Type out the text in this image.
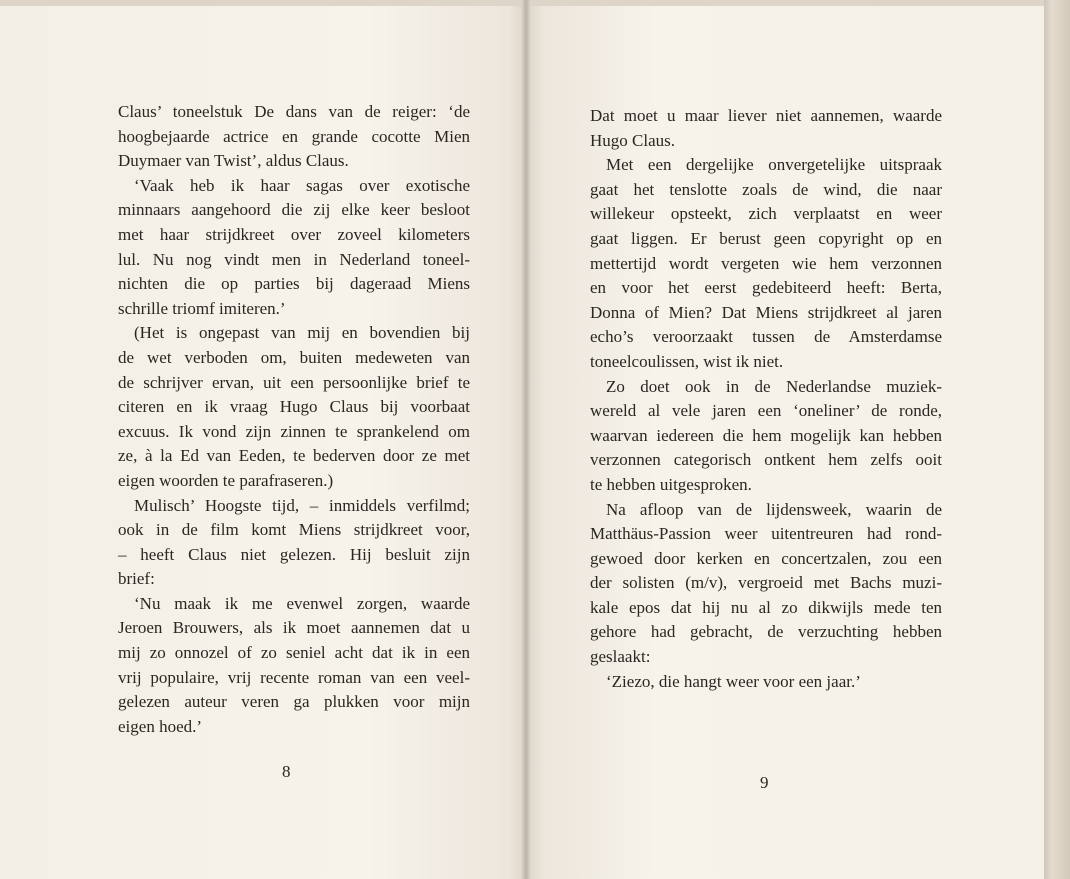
Claus’ toneelstuk De dans van de reiger: ‘de
hoogbejaarde actrice en grande cocotte Mien
Duymaer van Twist’, aldus Claus.

‘Vaak heb ik haar sagas over exotische
minnaars aangehoord die zij elke keer besloot
met haar strijdkreet over zoveel kilometers
lul. Nu nog vindt men in Nederland toneel-
nichten die op parties bij dageraad Miens
schrille triomf imiteren.’

(Het is ongepast van mij en bovendien bij
de wet verboden om, buiten medeweten van
de schrijver ervan, uit een persoonlijke brief te
citeren en ik vraag Hugo Claus bij voorbaat
excuus. Ik vond zijn zinnen te sprankelend om
ze, à la Ed van Eeden, te bederven door ze met
eigen woorden te parafraseren.)

Mulisch’ Hoogste tijd, – inmiddels verfilmd;
ook in de film komt Miens strijdkreet voor,
– heeft Claus niet gelezen. Hij besluit zijn
brief:

‘Nu maak ik me evenwel zorgen, waarde
Jeroen Brouwers, als ik moet aannemen dat u
mij zo onnozel of zo seniel acht dat ik in een
vrij populaire, vrij recente roman van een veel-
gelezen auteur veren ga plukken voor mijn
eigen hoed.’

8

Dat moet u maar liever niet aannemen, waarde
Hugo Claus.

Met een dergelijke onvergetelijke uitspraak
gaat het tenslotte zoals de wind, die naar
willekeur opsteekt, zich verplaatst en weer
gaat liggen. Er berust geen copyright op en
mettertijd wordt vergeten wie hem verzonnen
en voor het eerst gedebiteerd heeft: Berta,
Donna of Mien? Dat Miens strijdkreet al jaren
echo’s veroorzaakt tussen de Amsterdamse
toneelcoulissen, wist ik niet.

Zo doet ook in de Nederlandse muziek-
wereld al vele jaren een ‘oneliner’ de ronde,
waarvan iedereen die hem mogelijk kan hebben
verzonnen categorisch ontkent hem zelfs ooit
te hebben uitgesproken.

Na afloop van de lijdensweek, waarin de
Matthäus-Passion weer uitentreuren had rond-
gewoed door kerken en concertzalen, zou een
der solisten (m/v), vergroeid met Bachs muzi-
kale epos dat hij nu al zo dikwijls mede ten
gehore had gebracht, de verzuchting hebben
geslaakt:

‘Ziezo, die hangt weer voor een jaar.’

9
